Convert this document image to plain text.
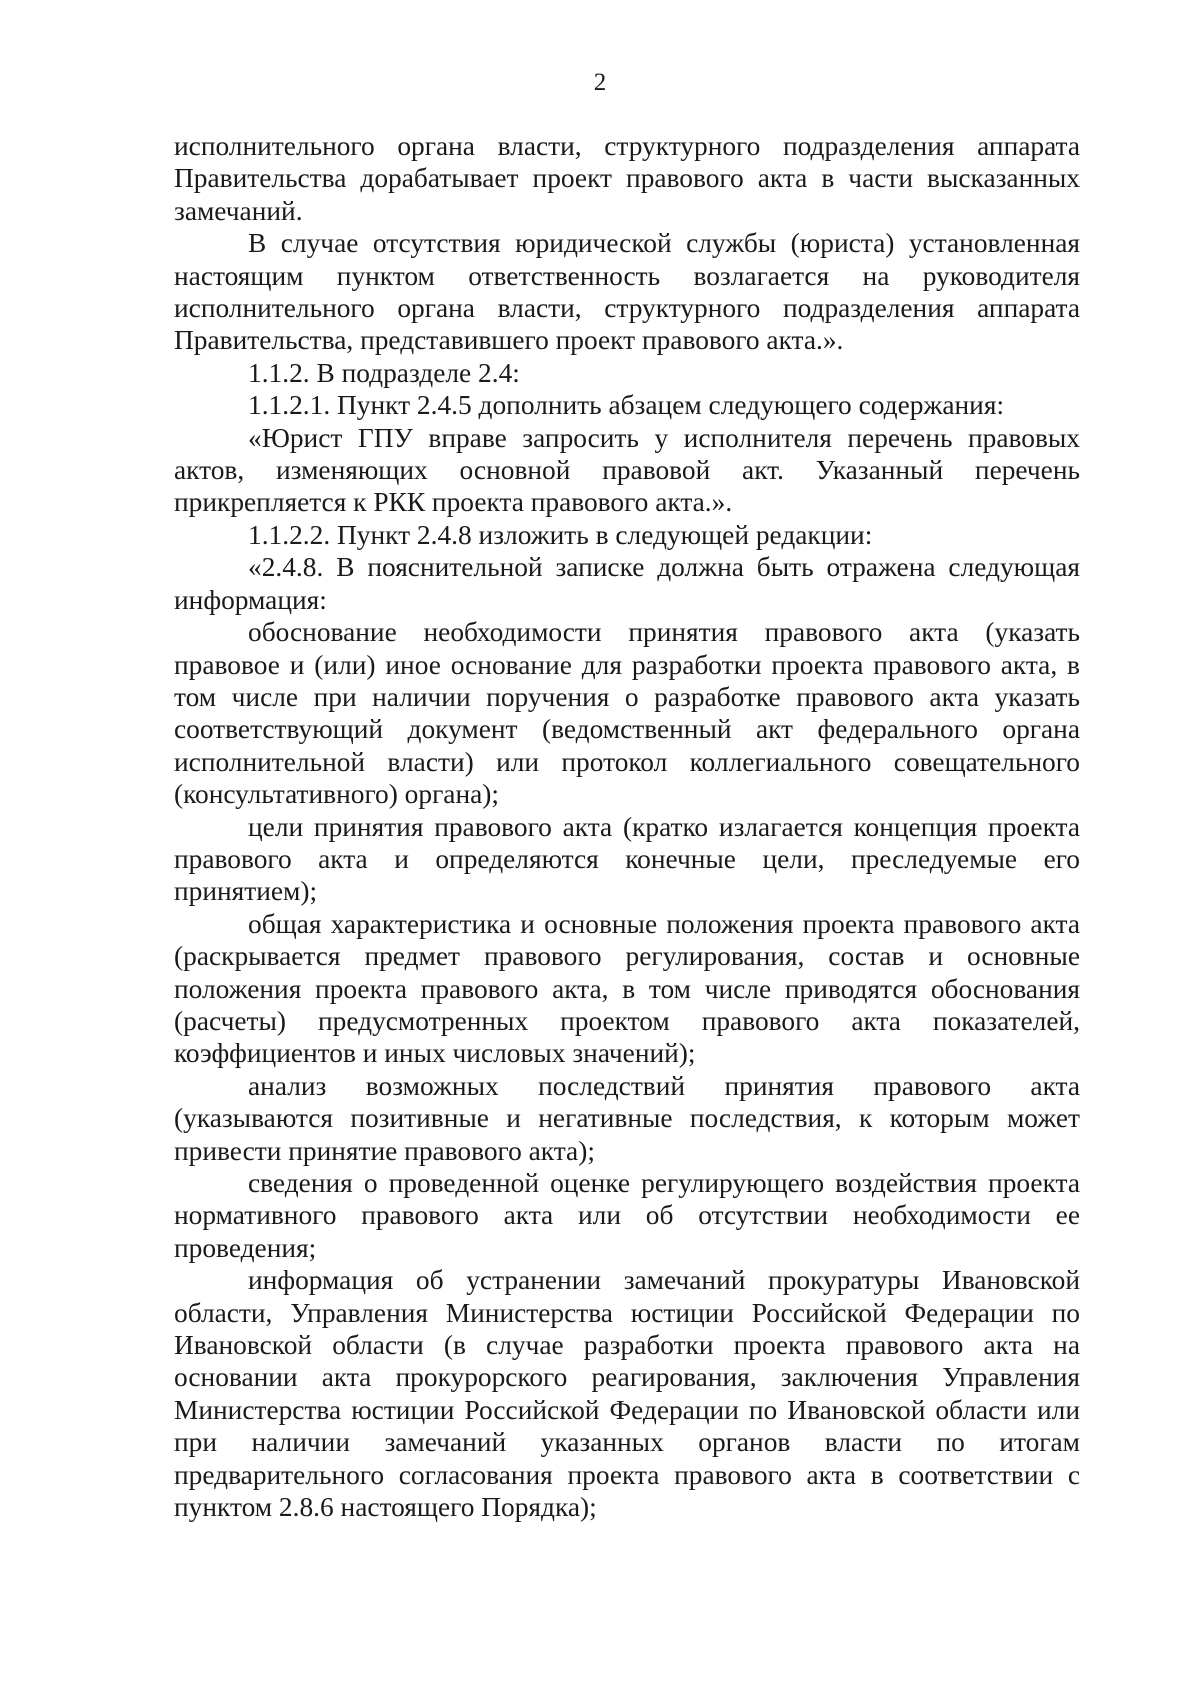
2

исполнительного органа власти, структурного подразделения аппарата Правительства дорабатывает проект правового акта в части высказанных замечаний.

В случае отсутствия юридической службы (юриста) установленная настоящим пунктом ответственность возлагается на руководителя исполнительного органа власти, структурного подразделения аппарата Правительства, представившего проект правового акта.».

1.1.2. В подразделе 2.4:

1.1.2.1. Пункт 2.4.5 дополнить абзацем следующего содержания:

«Юрист ГПУ вправе запросить у исполнителя перечень правовых актов, изменяющих основной правовой акт. Указанный перечень прикрепляется к РКК проекта правового акта.».

1.1.2.2. Пункт 2.4.8 изложить в следующей редакции:

«2.4.8. В пояснительной записке должна быть отражена следующая информация:

обоснование необходимости принятия правового акта (указать правовое и (или) иное основание для разработки проекта правового акта, в том числе при наличии поручения о разработке правового акта указать соответствующий документ (ведомственный акт федерального органа исполнительной власти) или протокол коллегиального совещательного (консультативного) органа);

цели принятия правового акта (кратко излагается концепция проекта правового акта и определяются конечные цели, преследуемые его принятием);

общая характеристика и основные положения проекта правового акта (раскрывается предмет правового регулирования, состав и основные положения проекта правового акта, в том числе приводятся обоснования (расчеты) предусмотренных проектом правового акта показателей, коэффициентов и иных числовых значений);

анализ возможных последствий принятия правового акта (указываются позитивные и негативные последствия, к которым может привести принятие правового акта);

сведения о проведенной оценке регулирующего воздействия проекта нормативного правового акта или об отсутствии необходимости ее проведения;

информация об устранении замечаний прокуратуры Ивановской области, Управления Министерства юстиции Российской Федерации по Ивановской области (в случае разработки проекта правового акта на основании акта прокурорского реагирования, заключения Управления Министерства юстиции Российской Федерации по Ивановской области или при наличии замечаний указанных органов власти по итогам предварительного согласования проекта правового акта в соответствии с пунктом 2.8.6 настоящего Порядка);
